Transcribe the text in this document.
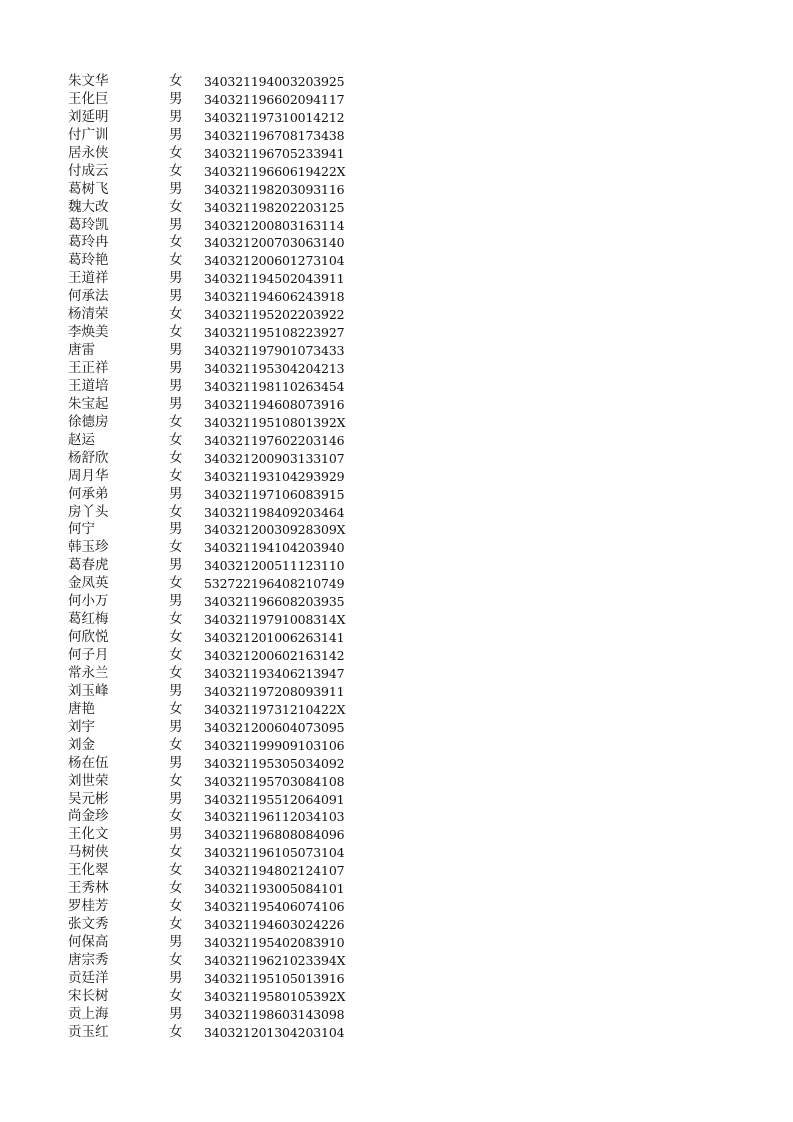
朱文华	女 340321194003203925
王化巨	男 340321196602094117
刘延明	男 340321197310014212
付广训	男 340321196708173438
居永侠	女 340321196705233941
付成云	女 34032119660619422X
葛树飞	男 340321198203093116
魏大改	女 340321198202203125
葛玲凯	男 340321200803163114
葛玲冉	女 340321200703063140
葛玲艳	女 340321200601273104
王道祥	男 340321194502043911
何承法	男 340321194606243918
杨清荣	女 340321195202203922
李焕美	女 340321195108223927
唐雷	男 340321197901073433
王正祥	男 340321195304204213
王道培	男 340321198110263454
朱宝起	男 340321194608073916
徐德房	女 34032119510801392X
赵运	女 340321197602203146
杨舒欣	女 340321200903133107
周月华	女 340321193104293929
何承弟	男 340321197106083915
房丫头	女 340321198409203464
何宁	男 34032120030928309X
韩玉珍	女 340321194104203940
葛春虎	男 340321200511123110
金凤英	女 532722196408210749
何小万	男 340321196608203935
葛红梅	女 34032119791008314X
何欣悦	女 340321201006263141
何子月	女 340321200602163142
常永兰	女 340321193406213947
刘玉峰	男 340321197208093911
唐艳	女 34032119731210422X
刘宇	男 340321200604073095
刘金	女 340321199909103106
杨在伍	男 340321195305034092
刘世荣	女 340321195703084108
吴元彬	男 340321195512064091
尚金珍	女 340321196112034103
王化文	男 340321196808084096
马树侠	女 340321196105073104
王化翠	女 340321194802124107
王秀林	女 340321193005084101
罗桂芳	女 340321195406074106
张文秀	女 340321194603024226
何保高	男 340321195402083910
唐宗秀	女 34032119621023394X
贡廷洋	男 340321195105013916
宋长树	女 34032119580105392X
贡上海	男 340321198603143098
贡玉红	女 340321201304203104
